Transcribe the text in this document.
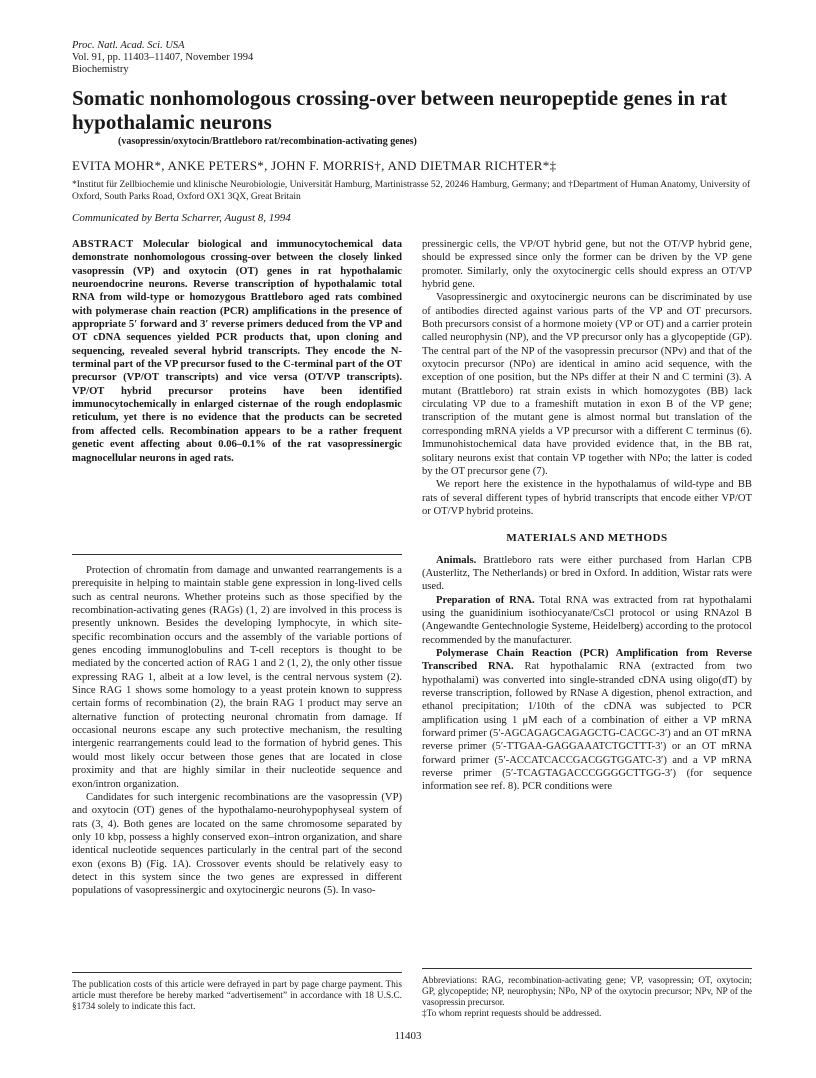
Proc. Natl. Acad. Sci. USA
Vol. 91, pp. 11403–11407, November 1994
Biochemistry
Somatic nonhomologous crossing-over between neuropeptide genes in rat hypothalamic neurons
(vasopressin/oxytocin/Brattleboro rat/recombination-activating genes)
EVITA MOHR*, ANKE PETERS*, JOHN F. MORRIS†, AND DIETMAR RICHTER*‡
*Institut für Zellbiochemie und klinische Neurobiologie, Universität Hamburg, Martinistrasse 52, 20246 Hamburg, Germany; and †Department of Human Anatomy, University of Oxford, South Parks Road, Oxford OX1 3QX, Great Britain
Communicated by Berta Scharrer, August 8, 1994
ABSTRACT Molecular biological and immunocytochemical data demonstrate nonhomologous crossing-over between the closely linked vasopressin (VP) and oxytocin (OT) genes in rat hypothalamic neuroendocrine neurons. Reverse transcription of hypothalamic total RNA from wild-type or homozygous Brattleboro aged rats combined with polymerase chain reaction (PCR) amplifications in the presence of appropriate 5′ forward and 3′ reverse primers deduced from the VP and OT cDNA sequences yielded PCR products that, upon cloning and sequencing, revealed several hybrid transcripts. They encode the N-terminal part of the VP precursor fused to the C-terminal part of the OT precursor (VP/OT transcripts) and vice versa (OT/VP transcripts). VP/OT hybrid precursor proteins have been identified immunocytochemically in enlarged cisternae of the rough endoplasmic reticulum, yet there is no evidence that the products can be secreted from affected cells. Recombination appears to be a rather frequent genetic event affecting about 0.06–0.1% of the rat vasopressinergic magnocellular neurons in aged rats.

Protection of chromatin from damage and unwanted rearrangements is a prerequisite in helping to maintain stable gene expression in long-lived cells such as central neurons. Whether proteins such as those specified by the recombination-activating genes (RAGs) (1, 2) are involved in this process is presently unknown. Besides the developing lymphocyte, in which site-specific recombination occurs and the assembly of the variable portions of genes encoding immunoglobulins and T-cell receptors is thought to be mediated by the concerted action of RAG 1 and 2 (1, 2), the only other tissue expressing RAG 1, albeit at a low level, is the central nervous system (2). Since RAG 1 shows some homology to a yeast protein known to suppress certain forms of recombination (2), the brain RAG 1 product may serve an alternative function of protecting neuronal chromatin from damage. If occasional neurons escape any such protective mechanism, the resulting intergenic rearrangements could lead to the formation of hybrid genes. This would most likely occur between those genes that are located in close proximity and that are highly similar in their nucleotide sequence and exon/intron organization.

Candidates for such intergenic recombinations are the vasopressin (VP) and oxytocin (OT) genes of the hypothalamo-neurohypophyseal system of rats (3, 4). Both genes are located on the same chromosome separated by only 10 kbp, possess a highly conserved exon–intron organization, and share identical nucleotide sequences particularly in the central part of the second exon (exons B) (Fig. 1A). Crossover events should be relatively easy to detect in this system since the two genes are expressed in different populations of vasopressinergic and oxytocinergic neurons (5). In vaso-

pressinergic cells, the VP/OT hybrid gene, but not the OT/VP hybrid gene, should be expressed since only the former can be driven by the VP gene promoter. Similarly, only the oxytocinergic cells should express an OT/VP hybrid gene.

Vasopressinergic and oxytocinergic neurons can be discriminated by use of antibodies directed against various parts of the VP and OT precursors. Both precursors consist of a hormone moiety (VP or OT) and a carrier protein called neurophysin (NP), and the VP precursor only has a glycopeptide (GP). The central part of the NP of the vasopressin precursor (NPv) and that of the oxytocin precursor (NPo) are identical in amino acid sequence, with the exception of one position, but the NPs differ at their N and C termini (3). A mutant (Brattleboro) rat strain exists in which homozygotes (BB) lack circulating VP due to a frameshift mutation in exon B of the VP gene; transcription of the mutant gene is almost normal but translation of the corresponding mRNA yields a VP precursor with a different C terminus (6). Immunohistochemical data have provided evidence that, in the BB rat, solitary neurons exist that contain VP together with NPo; the latter is coded by the OT precursor gene (7).

We report here the existence in the hypothalamus of wild-type and BB rats of several different types of hybrid transcripts that encode either VP/OT or OT/VP hybrid proteins.

MATERIALS AND METHODS

Animals. Brattleboro rats were either purchased from Harlan CPB (Austerlitz, The Netherlands) or bred in Oxford. In addition, Wistar rats were used.

Preparation of RNA. Total RNA was extracted from rat hypothalami using the guanidinium isothiocyanate/CsCl protocol or using RNAzol B (Angewandte Gentechnologie Systeme, Heidelberg) according to the protocol recommended by the manufacturer.

Polymerase Chain Reaction (PCR) Amplification from Reverse Transcribed RNA. Rat hypothalamic RNA (extracted from two hypothalami) was converted into single-stranded cDNA using oligo(dT) by reverse transcription, followed by RNase A digestion, phenol extraction, and ethanol precipitation; 1/10th of the cDNA was subjected to PCR amplification using 1 μM each of a combination of either a VP mRNA forward primer (5′-AGCAGAGCAGAGCTG-CACGC-3′) and an OT mRNA reverse primer (5′-TTGAA-GAGGAAATCTGCTTT-3′) or an OT mRNA forward primer (5′-ACCATCACCGACGGTGGATC-3′) and a VP mRNA reverse primer (5′-TCAGTAGACCCGGGGCTTGG-3′) (for sequence information see ref. 8). PCR conditions were

The publication costs of this article were defrayed in part by page charge payment. This article must therefore be hereby marked “advertisement” in accordance with 18 U.S.C. §1734 solely to indicate this fact.
Abbreviations: RAG, recombination-activating gene; VP, vasopressin; OT, oxytocin; GP, glycopeptide; NP, neurophysin; NPo, NP of the oxytocin precursor; NPv, NP of the vasopressin precursor.
‡To whom reprint requests should be addressed.
11403
